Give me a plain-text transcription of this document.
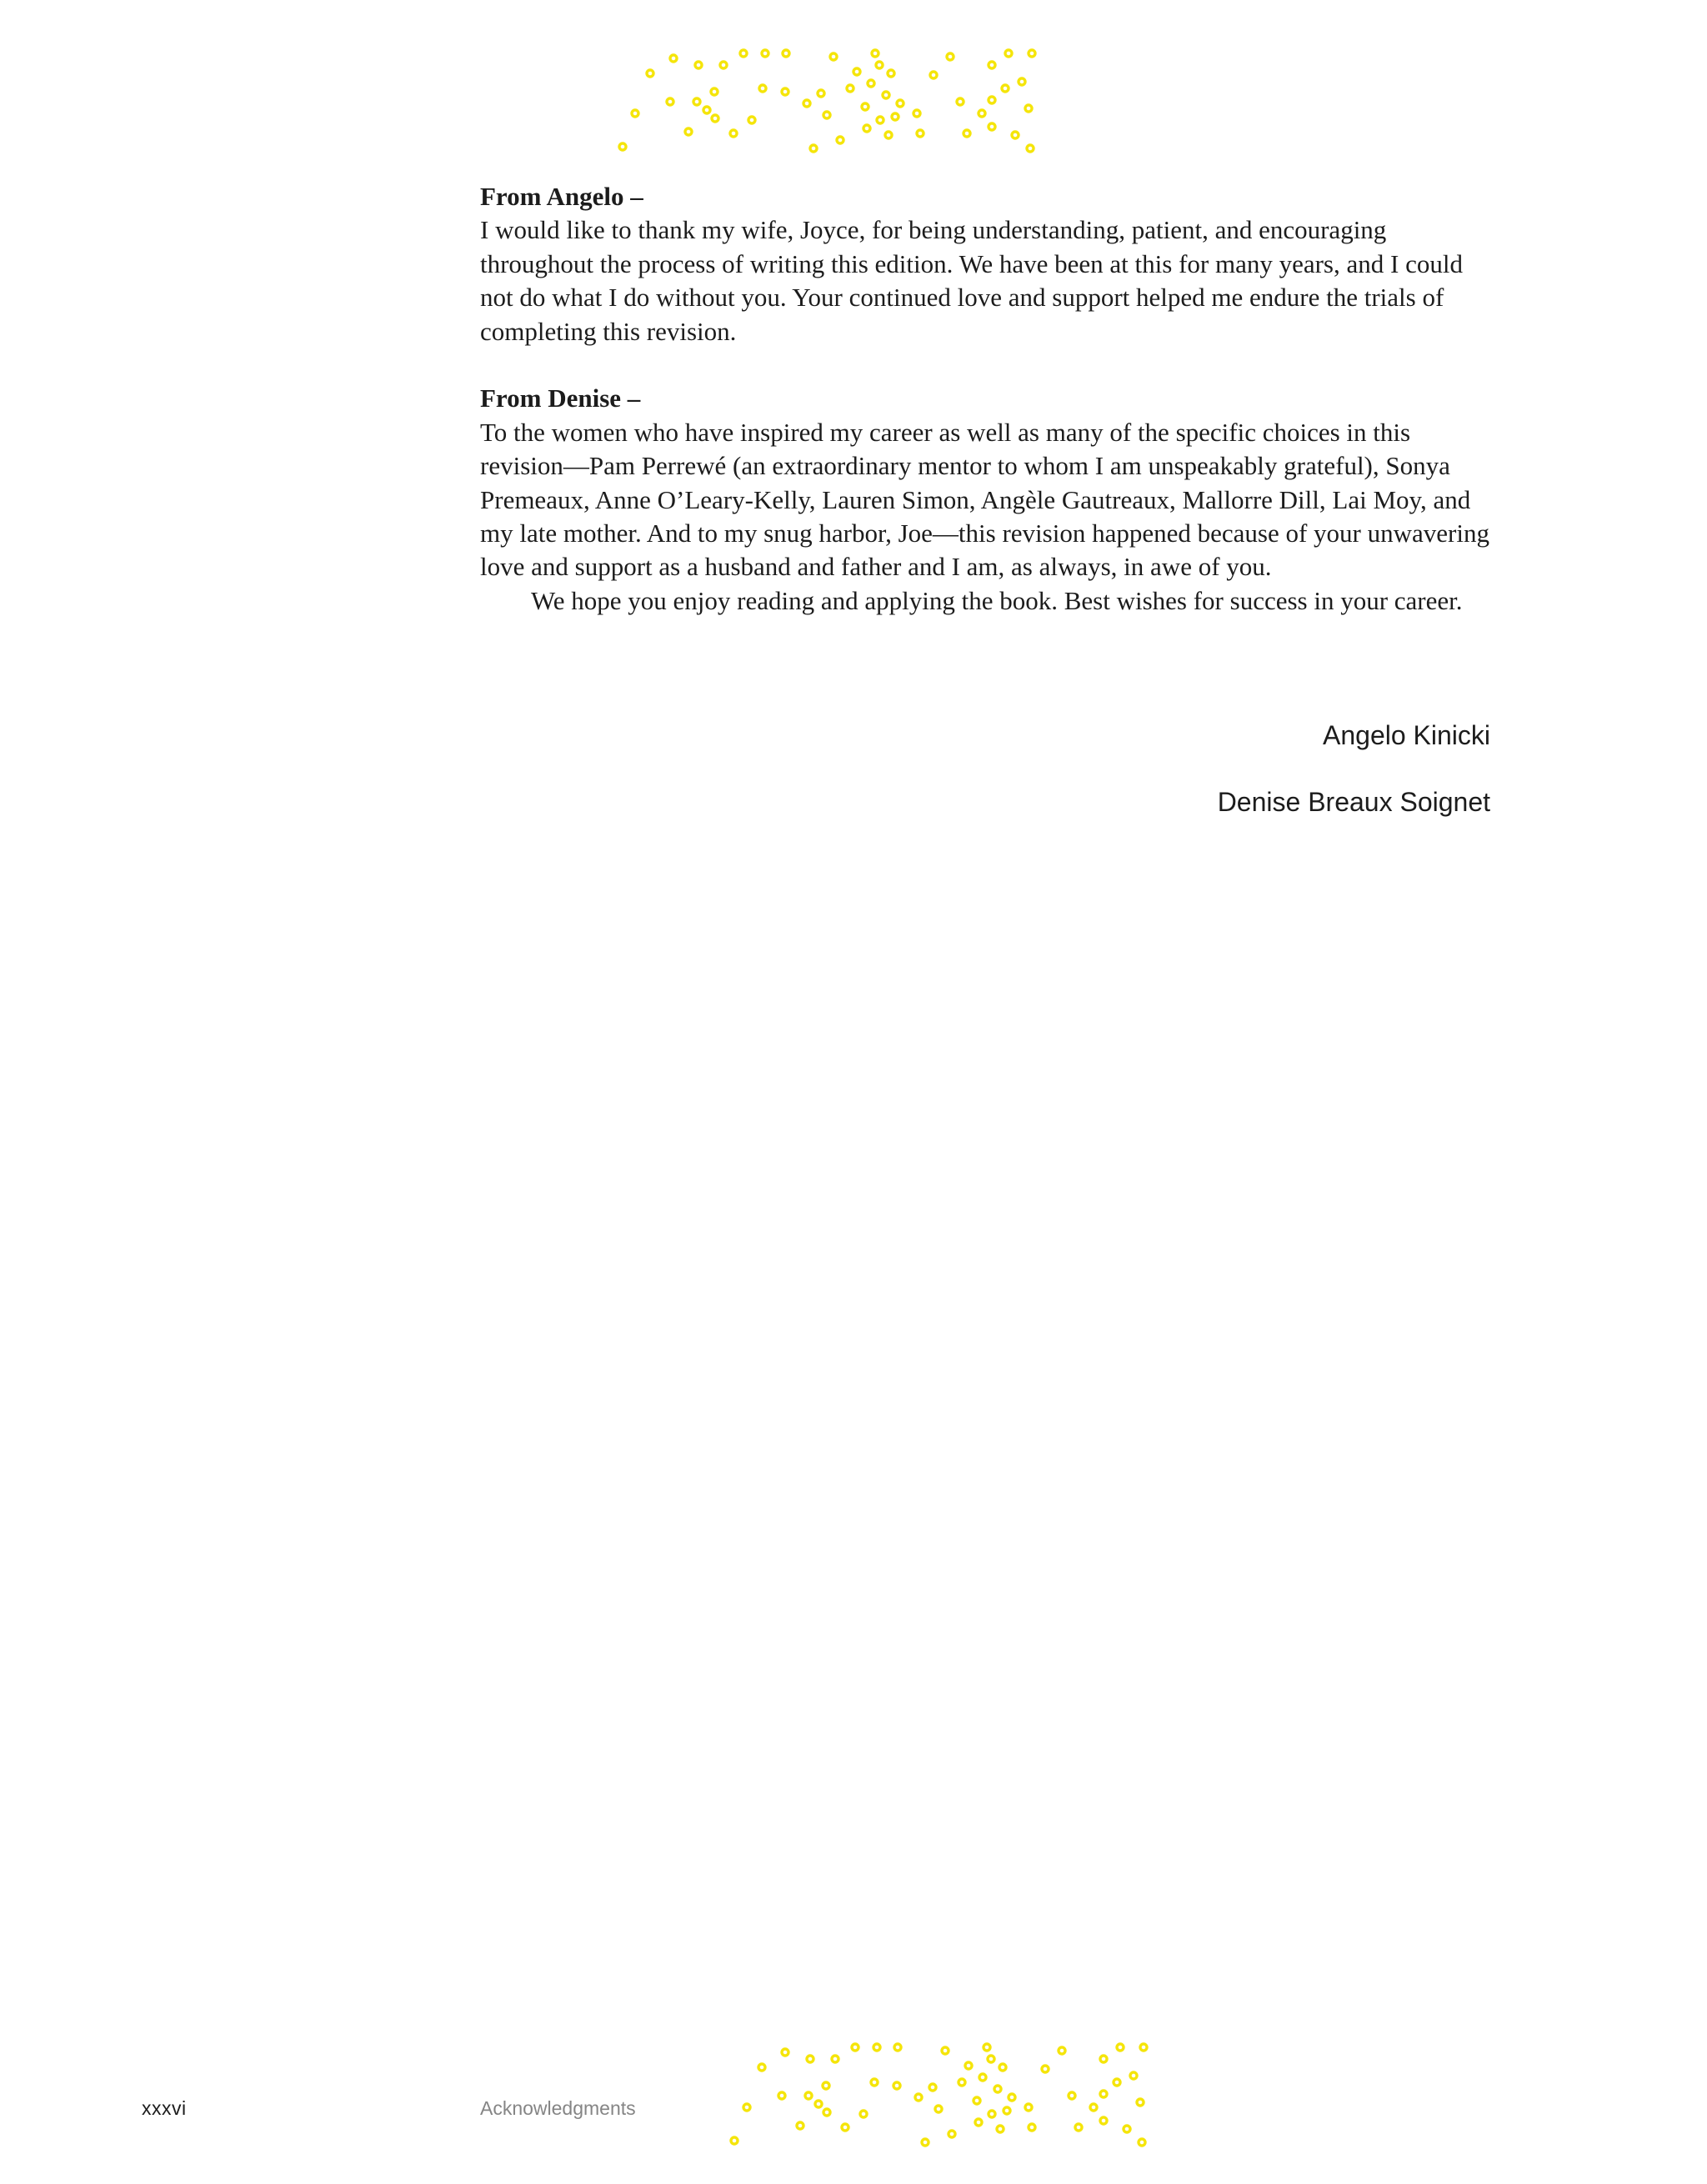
From Angelo –

I would like to thank my wife, Joyce, for being understanding, patient, and encouraging throughout the process of writing this edition. We have been at this for many years, and I could not do what I do without you. Your continued love and support helped me endure the trials of completing this revision.

From Denise –

To the women who have inspired my career as well as many of the specific choices in this revision—Pam Perrewé (an extraordinary mentor to whom I am unspeakably grateful), Sonya Premeaux, Anne O’Leary-Kelly, Lauren Simon, Angèle Gautreaux, Mallorre Dill, Lai Moy, and my late mother. And to my snug harbor, Joe—this revision happened because of your unwavering love and support as a husband and father and I am, as always, in awe of you.

We hope you enjoy reading and applying the book. Best wishes for success in your career.

Angelo Kinicki
Denise Breaux Soignet
xxxvi	Acknowledgments
